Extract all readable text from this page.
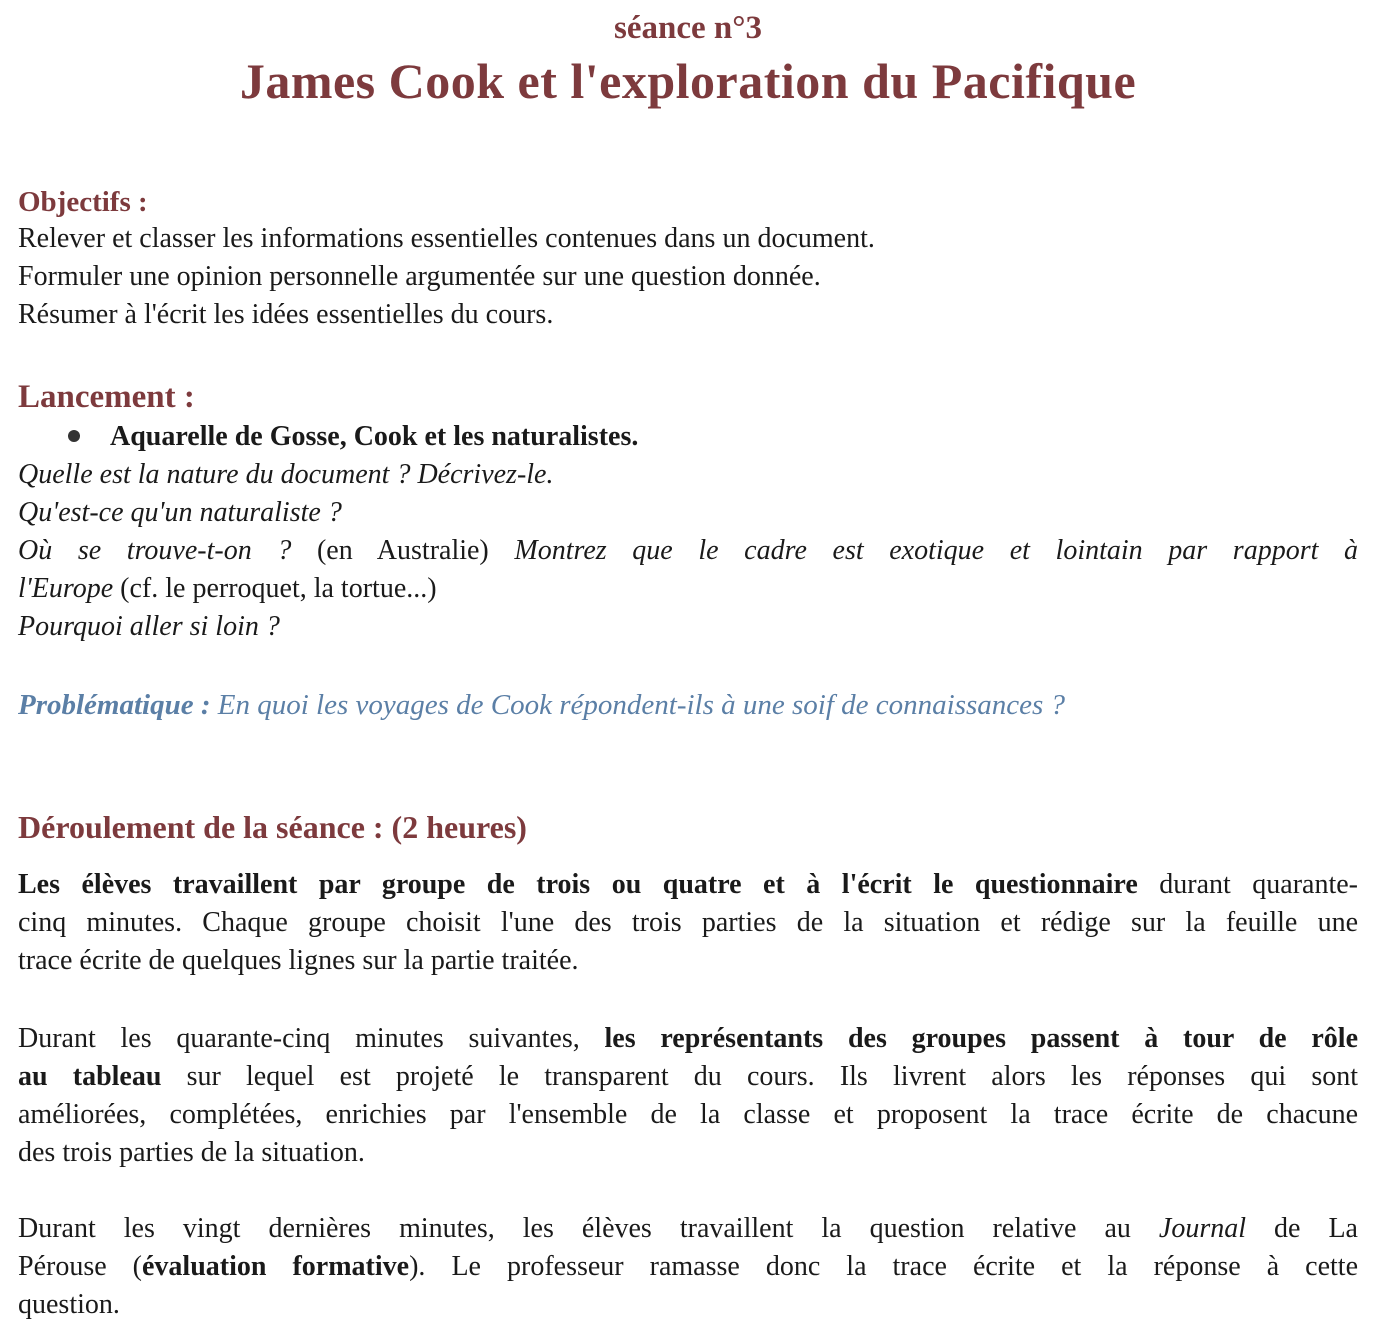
séance n°3
James Cook et l'exploration du Pacifique
Objectifs :
Relever et classer les informations essentielles contenues dans un document.
Formuler une opinion personnelle argumentée sur une question donnée.
Résumer à l'écrit les idées essentielles du cours.
Lancement :
Aquarelle de Gosse, Cook et les naturalistes.
Quelle est la nature du document ? Décrivez-le.
Qu'est-ce qu'un naturaliste ?
Où se trouve-t-on ? (en Australie) Montrez que le cadre est exotique et lointain par rapport à
l'Europe (cf. le perroquet, la tortue...)
Pourquoi aller si loin ?
Problématique : En quoi les voyages de Cook répondent-ils à une soif de connaissances ?
Déroulement de la séance : (2 heures)
Les élèves travaillent par groupe de trois ou quatre et à l'écrit le questionnaire durant quarante-
cinq minutes. Chaque groupe choisit l'une des trois parties de la situation et rédige sur la feuille une
trace écrite de quelques lignes sur la partie traitée.
Durant les quarante-cinq minutes suivantes, les représentants des groupes passent à tour de rôle
au tableau sur lequel est projeté le transparent du cours. Ils livrent alors les réponses qui sont
améliorées, complétées, enrichies par l'ensemble de la classe et proposent la trace écrite de chacune
des trois parties de la situation.
Durant les vingt dernières minutes, les élèves travaillent la question relative au Journal de La
Pérouse (évaluation formative). Le professeur ramasse donc la trace écrite et la réponse à cette
question.
